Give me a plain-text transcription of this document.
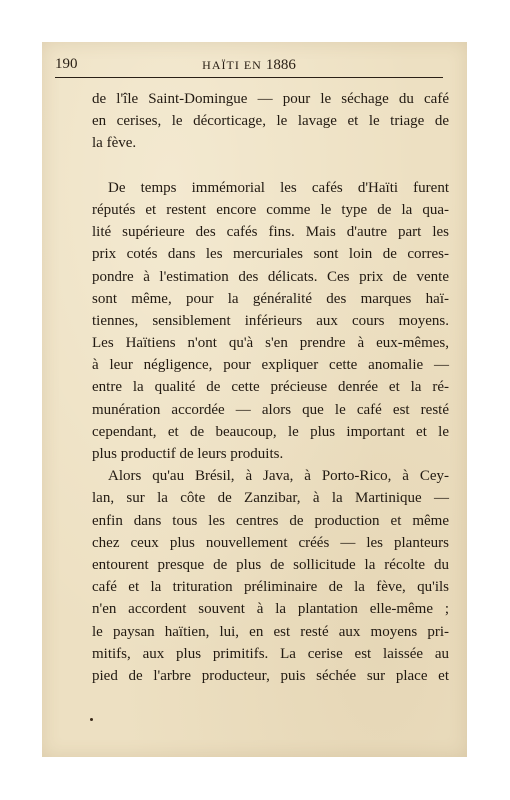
190	HAÏTI EN 1886
de l'île Saint-Domingue — pour le séchage du café
en cerises, le décorticage, le lavage et le triage de
la fève.
De temps immémorial les cafés d'Haïti furent
réputés et restent encore comme le type de la qua-
lité supérieure des cafés fins. Mais d'autre part les
prix cotés dans les mercuriales sont loin de corres-
pondre à l'estimation des délicats. Ces prix de vente
sont même, pour la généralité des marques haï-
tiennes, sensiblement inférieurs aux cours moyens.
Les Haïtiens n'ont qu'à s'en prendre à eux-mêmes,
à leur négligence, pour expliquer cette anomalie —
entre la qualité de cette précieuse denrée et la ré-
munération accordée — alors que le café est resté
cependant, et de beaucoup, le plus important et le
plus productif de leurs produits.
Alors qu'au Brésil, à Java, à Porto-Rico, à Cey-
lan, sur la côte de Zanzibar, à la Martinique —
enfin dans tous les centres de production et même
chez ceux plus nouvellement créés — les planteurs
entourent presque de plus de sollicitude la récolte du
café et la trituration préliminaire de la fève, qu'ils
n'en accordent souvent à la plantation elle-même ;
le paysan haïtien, lui, en est resté aux moyens pri-
mitifs, aux plus primitifs. La cerise est laissée au
pied de l'arbre producteur, puis séchée sur place et
